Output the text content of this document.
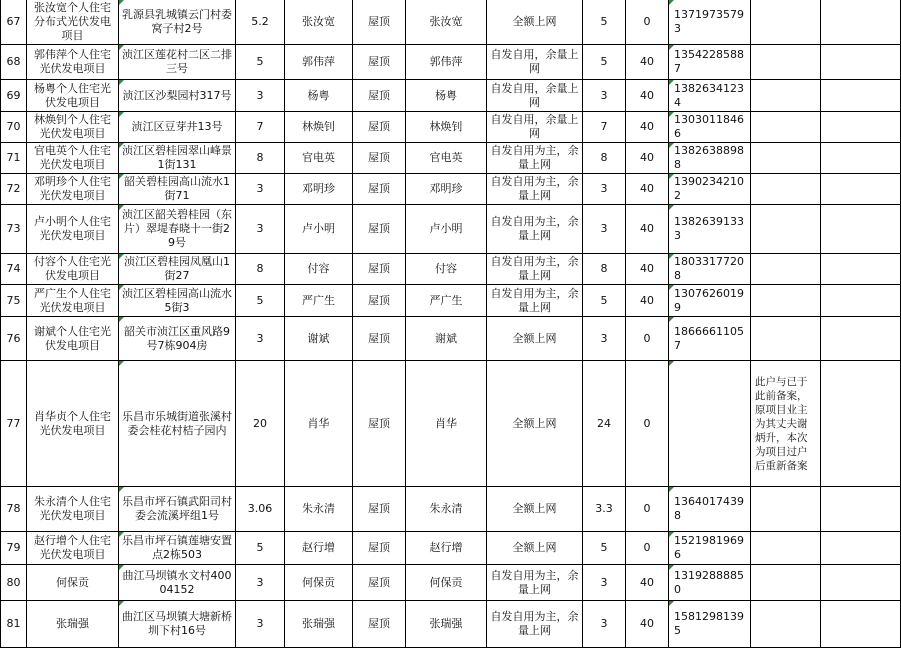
67	张汝宽个人住宅分布式光伏发电项目	乳源县乳城镇云门村委窝子村2号	5.2	张汝宽	屋顶	张汝宽	全额上网	5	0	13719735793		
68	郭伟萍个人住宅光伏发电项目	浈江区莲花村二区二排三号	5	郭伟萍	屋顶	郭伟萍	自发自用，余量上网	5	40	13542285887		
69	杨粤个人住宅光伏发电项目	浈江区沙梨园村317号	3	杨粤	屋顶	杨粤	自发自用，余量上网	3	40	13826341234		
70	林焕钊个人住宅光伏发电项目	浈江区豆芽井13号	7	林焕钊	屋顶	林焕钊	自发自用，余量上网	7	40	13030118466		
71	官电英个人住宅光伏发电项目	浈江区碧桂园翠山峰景1街131	8	官电英	屋顶	官电英	自发自用为主，余量上网	8	40	13826388988		
72	邓明珍个人住宅光伏发电项目	韶关碧桂园高山流水1街71	3	邓明珍	屋顶	邓明珍	自发自用为主，余量上网	3	40	13902342102		
73	卢小明个人住宅光伏发电项目	浈江区韶关碧桂园（东片）翠堤春晓十一街29号	3	卢小明	屋顶	卢小明	自发自用为主，余量上网	3	40	13826391333		
74	付容个人住宅光伏发电项目	浈江区碧桂园凤凰山1街27	8	付容	屋顶	付容	自发自用为主，余量上网	8	40	18033177208		
75	严广生个人住宅光伏发电项目	浈江区碧桂园高山流水5街3	5	严广生	屋顶	严广生	自发自用为主，余量上网	5	40	13076260199		
76	谢斌个人住宅光伏发电项目	韶关市浈江区重风路9号7栋904房	3	谢斌	屋顶	谢斌	全额上网	3	0	18666611057		
77	肖华贞个人住宅光伏发电项目	乐昌市乐城街道张溪村委会桂花村桔子园内	20	肖华	屋顶	肖华	全额上网	24	0		此户与已于此前备案，原项目业主为其丈夫谢炳升，本次为项目过户后重新备案	
78	朱永清个人住宅光伏发电项目	乐昌市坪石镇武阳司村委会流溪坪组1号	3.06	朱永清	屋顶	朱永清	全额上网	3.3	0	13640174398		
79	赵行增个人住宅光伏发电项目	乐昌市坪石镇莲塘安置点2栋503	5	赵行增	屋顶	赵行增	全额上网	5	0	15219819696		
80	何保贡	曲江马坝镇水文村40004152	3	何保贡	屋顶	何保贡	自发自用为主，余量上网	3	40	13192888850		
81	张瑞强	曲江区马坝镇大塘新桥圳下村16号	3	张瑞强	屋顶	张瑞强	自发自用为主，余量上网	3	40	15812981395		
